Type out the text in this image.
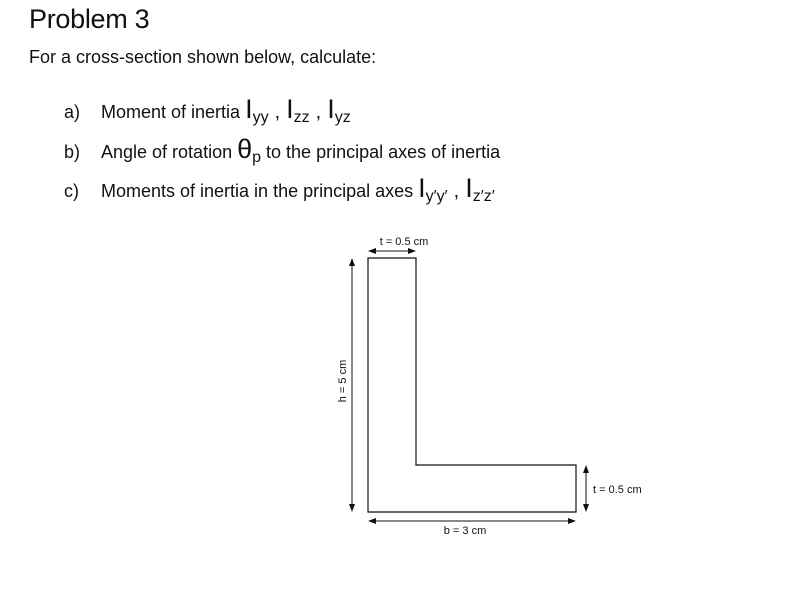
Problem 3

For a cross-section shown below, calculate:

a)	Moment of inertia I yy , I zz , I yz
b)	Angle of rotation θ p to the principal axes of inertia
c)	Moments of inertia in the principal axes I y′y′ , I z′z′
t = 0.5 cm
h = 5 cm
b = 3 cm
t = 0.5 cm
